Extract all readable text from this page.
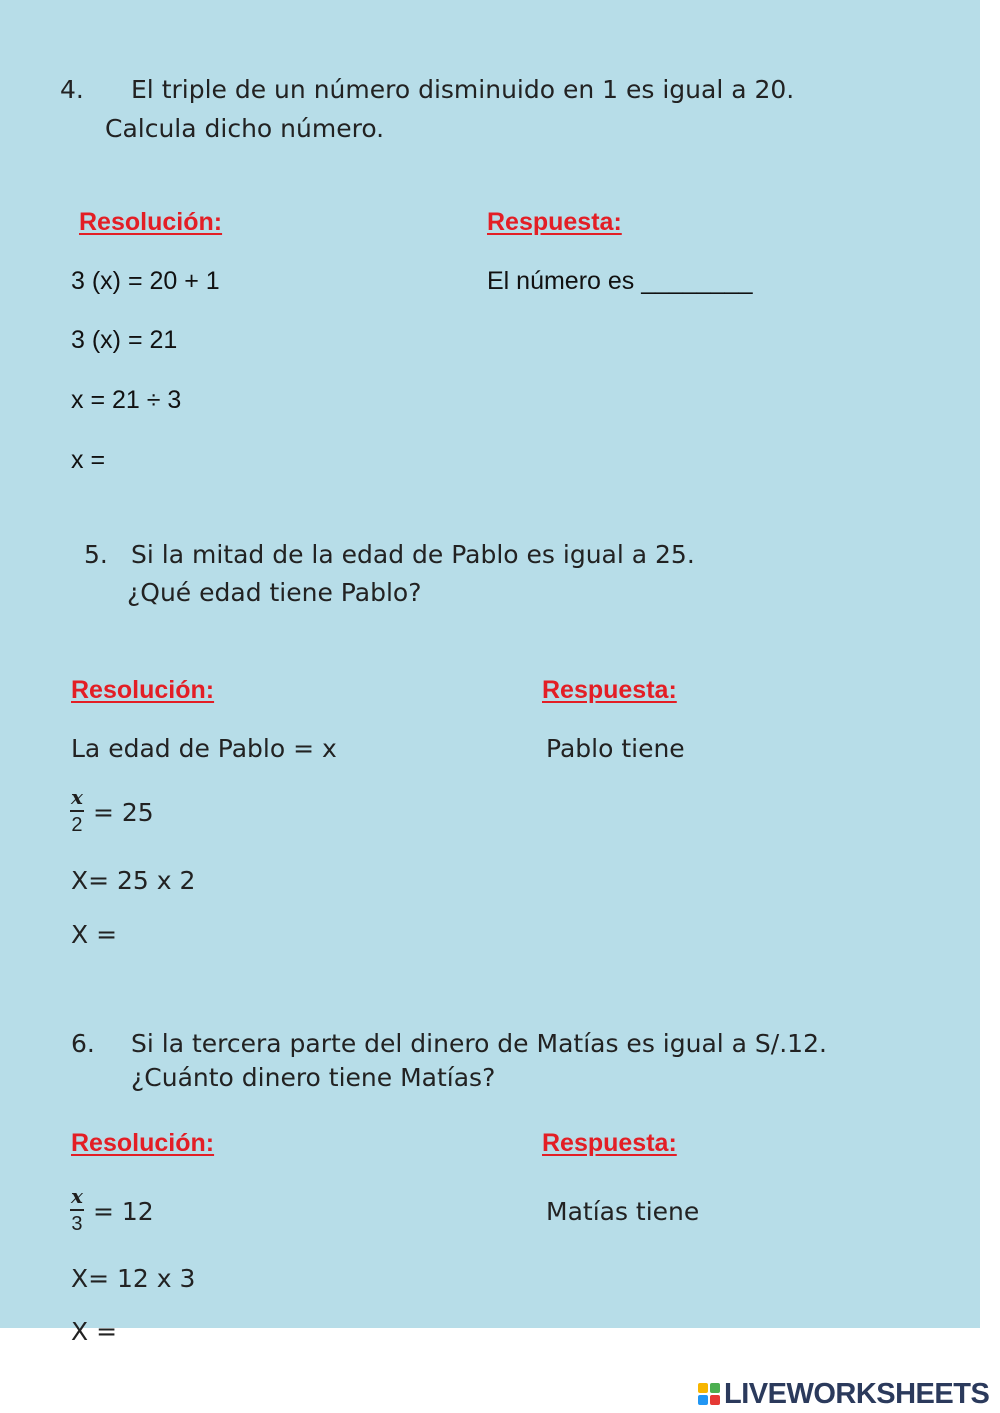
4. El triple de un número disminuido en 1 es igual a 20.
Calcula dicho número.
Resolución:	Respuesta:
3 (x) = 20 + 1	El número es ________
3 (x) = 21
x = 21 ÷ 3
x =
5. Si la mitad de la edad de Pablo es igual a 25.
¿Qué edad tiene Pablo?
Resolución:	Respuesta:
La edad de Pablo = x	Pablo tiene
x
2 = 25
X= 25 x 2
X =
6. Si la tercera parte del dinero de Matías es igual a S/.12.
¿Cuánto dinero tiene Matías?
Resolución:	Respuesta:
x
3 = 12	Matías tiene
X= 12 x 3
X =
LIVEWORKSHEETS
